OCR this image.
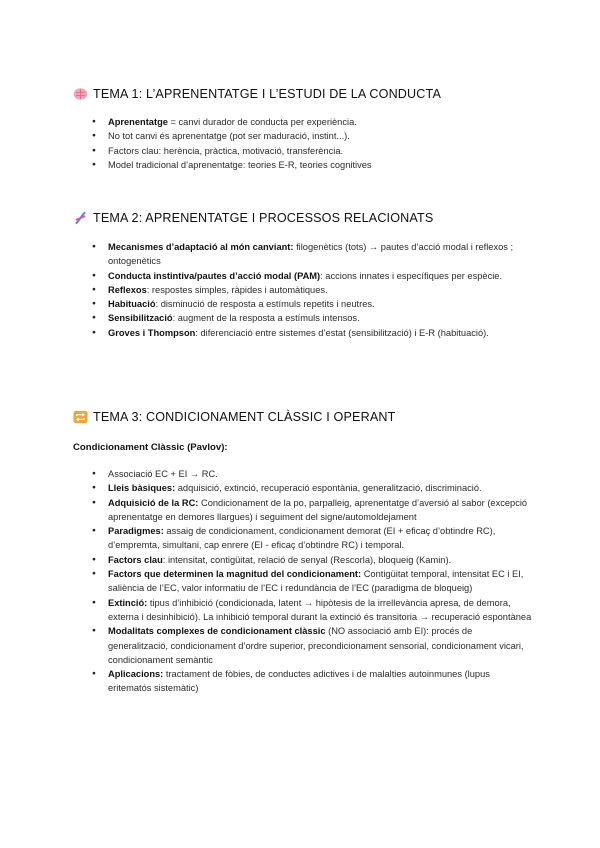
TEMA 1: L’APRENENTATGE I L’ESTUDI DE LA CONDUCTA
● Aprenentatge = canvi durador de conducta per experiència.
● No tot canvi és aprenentatge (pot ser maduració, instint...).
● Factors clau: herència, pràctica, motivació, transferència.
● Model tradicional d’aprenentatge: teories E-R, teories cognitives
TEMA 2: APRENENTATGE I PROCESSOS RELACIONATS
● Mecanismes d’adaptació al món canviant: filogenètics (tots) → pautes d’acció modal i reflexos ; ontogenètics
● Conducta instintiva/pautes d’acció modal (PAM): accions innates i específiques per espècie.
● Reflexos: respostes simples, ràpides i automàtiques.
● Habituació: disminució de resposta a estímuls repetits i neutres.
● Sensibilització: augment de la resposta a estímuls intensos.
● Groves i Thompson: diferenciació entre sistemes d’estat (sensibilització) i E-R (habituació).
TEMA 3: CONDICIONAMENT CLÀSSIC I OPERANT
Condicionament Clàssic (Pavlov):
● Associació EC + EI → RC.
● Lleis bàsiques: adquisició, extinció, recuperació espontània, generalització, discriminació.
● Adquisició de la RC: Condicionament de la po, parpalleig, aprenentatge d’aversió al sabor (excepció aprenentatge en demores llargues) i seguiment del signe/automoldejament
● Paradigmes: assaig de condicionament, condicionament demorat (EI + eficaç d’obtindre RC), d’empremta, simultani, cap enrere (EI - eficaç d’obtindre RC) i temporal.
● Factors clau: intensitat, contigüitat, relació de senyal (Rescorla), bloqueig (Kamin).
● Factors que determinen la magnitud del condicionament: Contigüitat temporal, intensitat EC i EI, saliència de l’EC, valor informatiu de l’EC i redundància de l’EC (paradigma de bloqueig)
● Extinció: tipus d’inhibició (condicionada, latent → hipòtesis de la irrellevància apresa, de demora, externa i desinhibició). La inhibició temporal durant la extinció és transitoria → recuperació espontànea
● Modalitats complexes de condicionament clàssic (NO associació amb EI): procés de generalització, condicionament d’ordre superior, precondicionament sensorial, condicionament vicari, condicionament semàntic
● Aplicacions: tractament de fòbies, de conductes adictives i de malalties autoinmunes (lupus eritematós sistemàtic)
